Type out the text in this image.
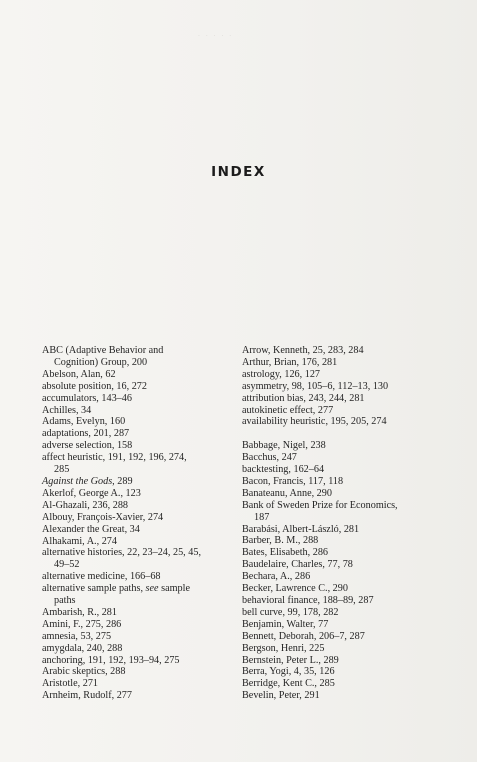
· · · · ·
INDEX
ABC (Adaptive Behavior and
Cognition) Group, 200
Abelson, Alan, 62
absolute position, 16, 272
accumulators, 143–46
Achilles, 34
Adams, Evelyn, 160
adaptations, 201, 287
adverse selection, 158
affect heuristic, 191, 192, 196, 274,
285
Against the Gods, 289
Akerlof, George A., 123
Al-Ghazali, 236, 288
Albouy, François-Xavier, 274
Alexander the Great, 34
Alhakami, A., 274
alternative histories, 22, 23–24, 25, 45,
49–52
alternative medicine, 166–68
alternative sample paths, see sample
paths
Ambarish, R., 281
Amini, F., 275, 286
amnesia, 53, 275
amygdala, 240, 288
anchoring, 191, 192, 193–94, 275
Arabic skeptics, 288
Aristotle, 271
Arnheim, Rudolf, 277
Arrow, Kenneth, 25, 283, 284
Arthur, Brian, 176, 281
astrology, 126, 127
asymmetry, 98, 105–6, 112–13, 130
attribution bias, 243, 244, 281
autokinetic effect, 277
availability heuristic, 195, 205, 274
Babbage, Nigel, 238
Bacchus, 247
backtesting, 162–64
Bacon, Francis, 117, 118
Banateanu, Anne, 290
Bank of Sweden Prize for Economics,
187
Barabási, Albert-László, 281
Barber, B. M., 288
Bates, Elisabeth, 286
Baudelaire, Charles, 77, 78
Bechara, A., 286
Becker, Lawrence C., 290
behavioral finance, 188–89, 287
bell curve, 99, 178, 282
Benjamin, Walter, 77
Bennett, Deborah, 206–7, 287
Bergson, Henri, 225
Bernstein, Peter L., 289
Berra, Yogi, 4, 35, 126
Berridge, Kent C., 285
Bevelin, Peter, 291
